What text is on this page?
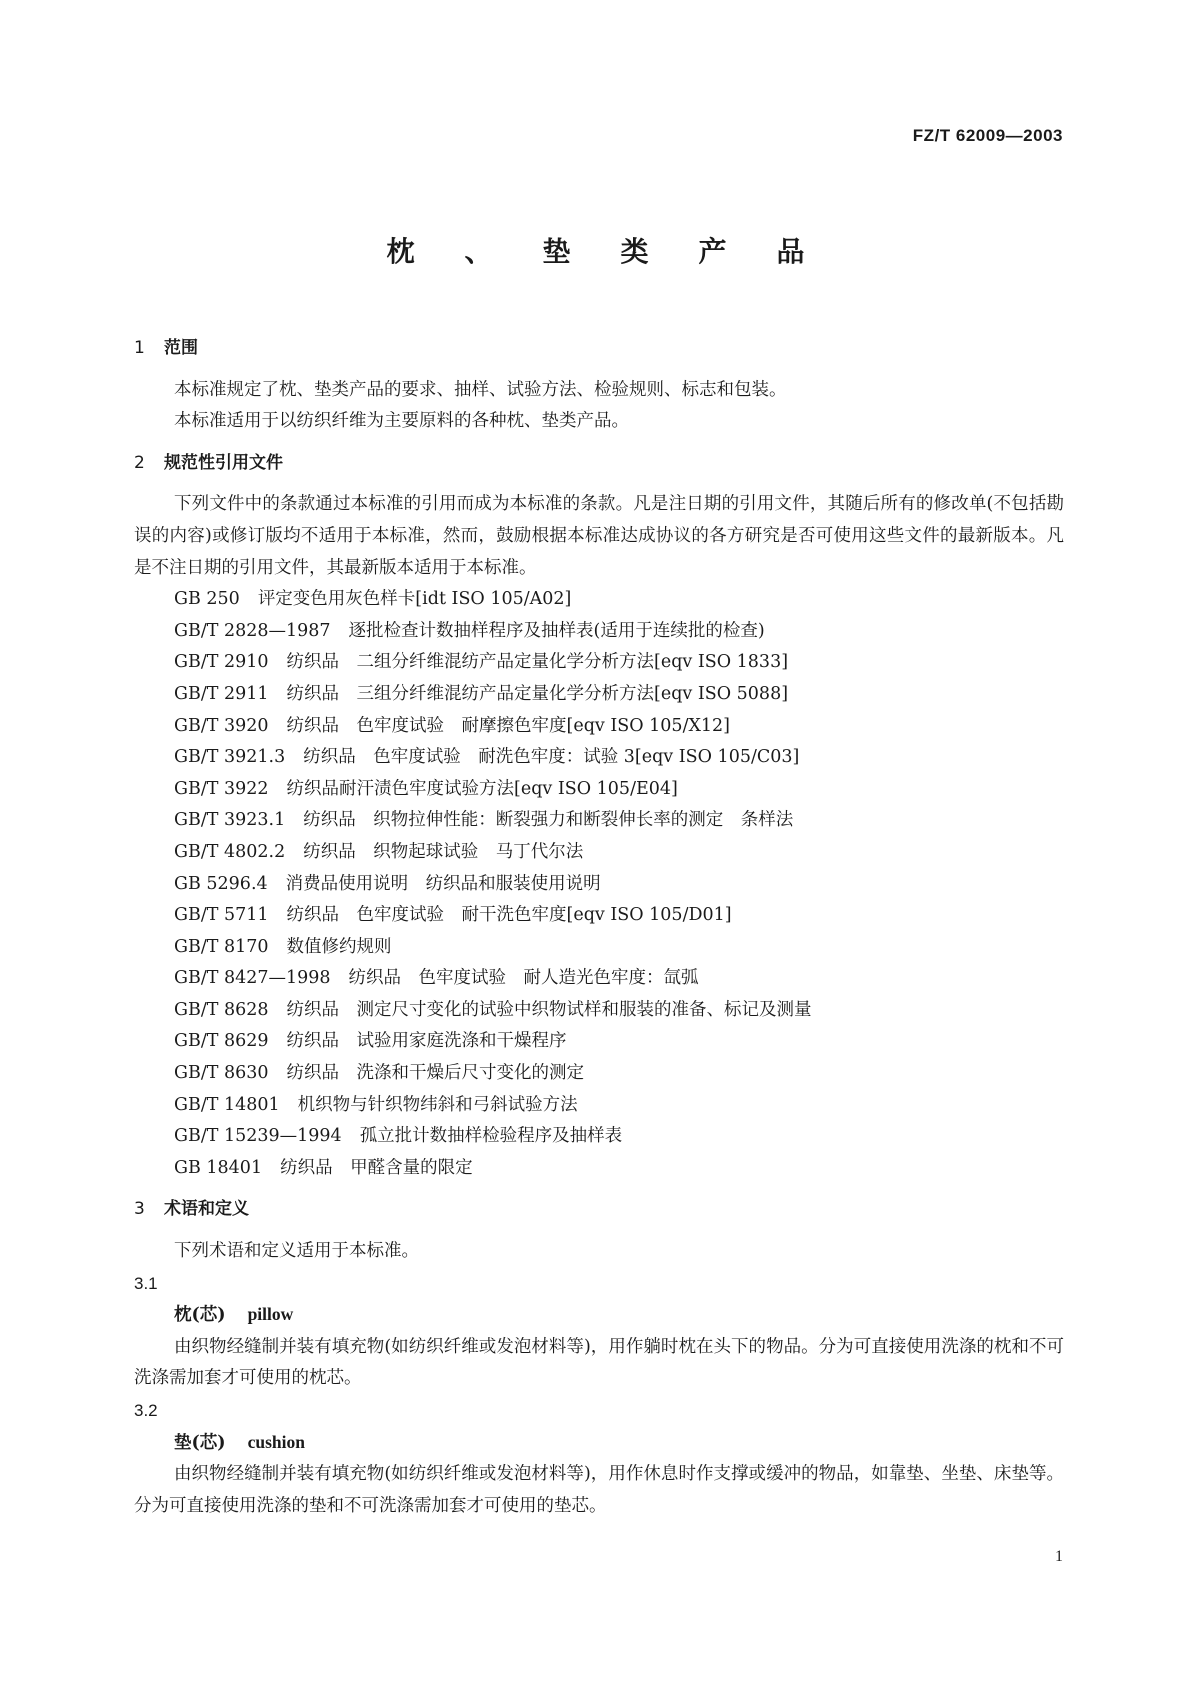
FZ/T 62009—2003
枕、垫类产品
1 范围
本标准规定了枕、垫类产品的要求、抽样、试验方法、检验规则、标志和包装。
本标准适用于以纺织纤维为主要原料的各种枕、垫类产品。
2 规范性引用文件
下列文件中的条款通过本标准的引用而成为本标准的条款。凡是注日期的引用文件，其随后所有的修改单(不包括勘误的内容)或修订版均不适用于本标准，然而，鼓励根据本标准达成协议的各方研究是否可使用这些文件的最新版本。凡是不注日期的引用文件，其最新版本适用于本标准。
GB 250 评定变色用灰色样卡[idt ISO 105/A02]
GB/T 2828—1987 逐批检查计数抽样程序及抽样表(适用于连续批的检查)
GB/T 2910 纺织品　二组分纤维混纺产品定量化学分析方法[eqv ISO 1833]
GB/T 2911 纺织品　三组分纤维混纺产品定量化学分析方法[eqv ISO 5088]
GB/T 3920 纺织品　色牢度试验　耐摩擦色牢度[eqv ISO 105/X12]
GB/T 3921.3 纺织品　色牢度试验　耐洗色牢度：试验 3[eqv ISO 105/C03]
GB/T 3922 纺织品耐汗渍色牢度试验方法[eqv ISO 105/E04]
GB/T 3923.1 纺织品　织物拉伸性能：断裂强力和断裂伸长率的测定　条样法
GB/T 4802.2 纺织品　织物起球试验　马丁代尔法
GB 5296.4 消费品使用说明　纺织品和服装使用说明
GB/T 5711 纺织品　色牢度试验　耐干洗色牢度[eqv ISO 105/D01]
GB/T 8170 数值修约规则
GB/T 8427—1998 纺织品　色牢度试验　耐人造光色牢度：氙弧
GB/T 8628 纺织品　测定尺寸变化的试验中织物试样和服装的准备、标记及测量
GB/T 8629 纺织品　试验用家庭洗涤和干燥程序
GB/T 8630 纺织品　洗涤和干燥后尺寸变化的测定
GB/T 14801 机织物与针织物纬斜和弓斜试验方法
GB/T 15239—1994 孤立批计数抽样检验程序及抽样表
GB 18401 纺织品　甲醛含量的限定
3 术语和定义
下列术语和定义适用于本标准。
3.1
枕(芯) pillow
由织物经缝制并装有填充物(如纺织纤维或发泡材料等)，用作躺时枕在头下的物品。分为可直接使用洗涤的枕和不可洗涤需加套才可使用的枕芯。
3.2
垫(芯) cushion
由织物经缝制并装有填充物(如纺织纤维或发泡材料等)，用作休息时作支撑或缓冲的物品，如靠垫、坐垫、床垫等。分为可直接使用洗涤的垫和不可洗涤需加套才可使用的垫芯。
1
